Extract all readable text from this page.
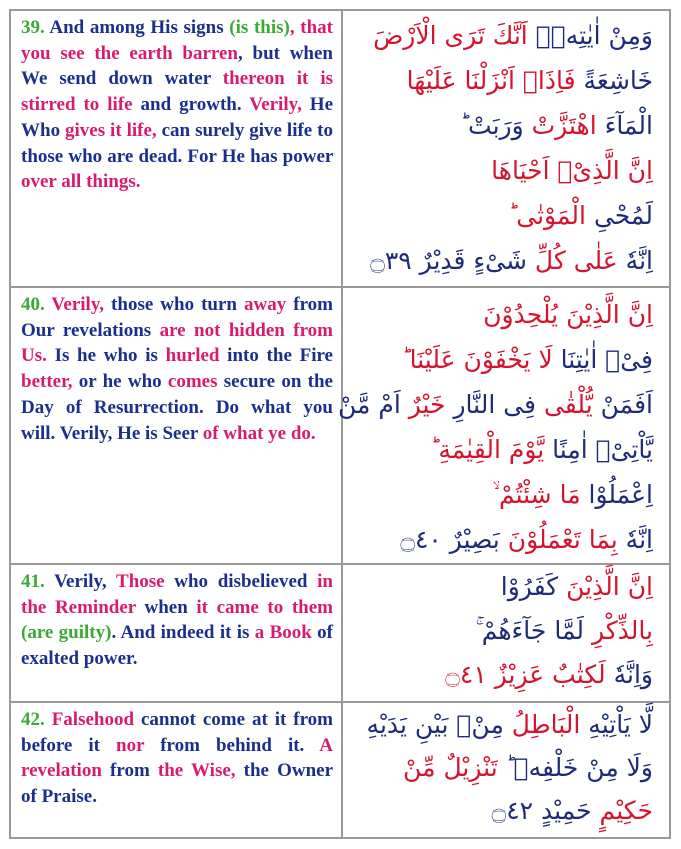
39. And among His signs (is this), that you see the earth barren, but when We send down water thereon it is stirred to life and growth. Verily, He Who gives it life, can surely give life to those who are dead. For He has power over all things.
وَمِنْ اٰيٰتِهٖۤ اَنَّكَ تَرَى الْاَرْضَ
خَاشِعَةً فَاِذَاۤ اَنْزَلْنَا عَلَيْهَا
الْمَآءَ اهْتَزَّتْ وَرَبَتْ ؕ
اِنَّ الَّذِىْۤ اَحْيَاهَا
لَمُحْىِ الْمَوْتٰى ؕ
اِنَّهٗ عَلٰى كُلِّ شَىْءٍ قَدِيْرٌ ۝٣٩
40. Verily, those who turn away from Our revelations are not hidden from Us. Is he who is hurled into the Fire better, or he who comes secure on the Day of Resurrection. Do what you will. Verily, He is Seer of what ye do.
اِنَّ الَّذِيْنَ يُلْحِدُوْنَ
فِىْۤ اٰيٰتِنَا لَا يَخْفَوْنَ عَلَيْنَا ؕ
اَفَمَنْ يُّلْقٰى فِى النَّارِ خَيْرٌ اَمْ مَّنْ
يَّاْتِىْۤ اٰمِنًا يَّوْمَ الْقِيٰمَةِ ؕ
اِعْمَلُوْا مَا شِئْتُمْ ۙ
اِنَّهٗ بِمَا تَعْمَلُوْنَ بَصِيْرٌ ۝٤٠
41. Verily, Those who disbelieved in the Reminder when it came to them (are guilty). And indeed it is a Book of exalted power.
اِنَّ الَّذِيْنَ كَفَرُوْا
بِالذِّكْرِ لَمَّا جَآءَهُمْ ۚ
وَاِنَّهٗ لَكِتٰبٌ عَزِيْزٌ ۝٤١
42. Falsehood cannot come at it from before it nor from behind it. A revelation from the Wise, the Owner of Praise.
لَّا يَاْتِيْهِ الْبَاطِلُ مِنْۢ بَيْنِ يَدَيْهِ
وَلَا مِنْ خَلْفِهٖ ؕ تَنْزِيْلٌ مِّنْ
حَكِيْمٍ حَمِيْدٍ ۝٤٢
